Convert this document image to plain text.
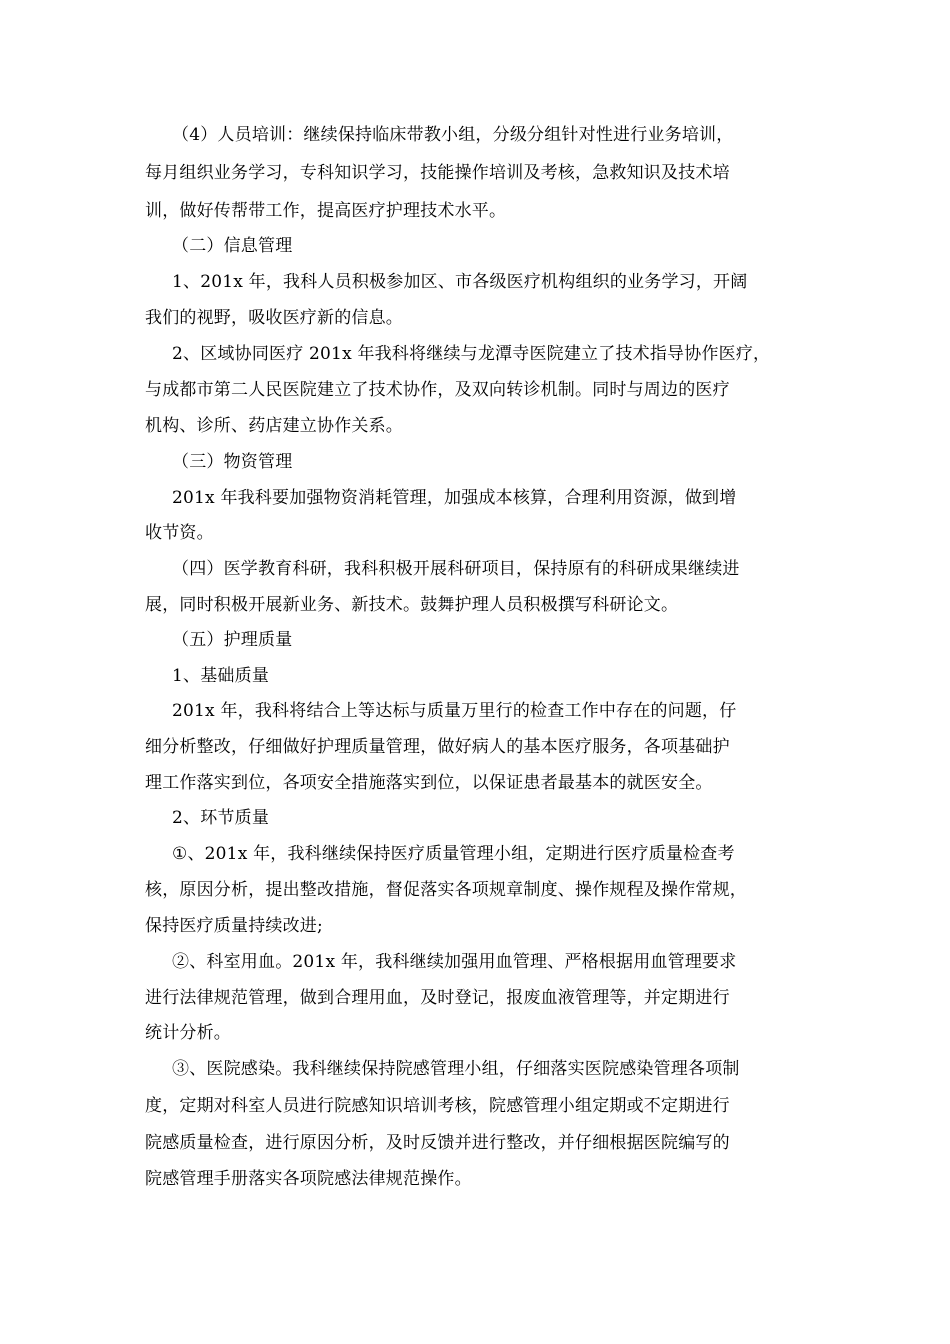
（4）人员培训：继续保持临床带教小组，分级分组针对性进行业务培训，
每月组织业务学习，专科知识学习，技能操作培训及考核，急救知识及技术培
训，做好传帮带工作，提高医疗护理技术水平。
（二）信息管理
1、201x 年，我科人员积极参加区、市各级医疗机构组织的业务学习，开阔
我们的视野，吸收医疗新的信息。
2、区域协同医疗 201x 年我科将继续与龙潭寺医院建立了技术指导协作医疗，
与成都市第二人民医院建立了技术协作，及双向转诊机制。同时与周边的医疗
机构、诊所、药店建立协作关系。
（三）物资管理
201x 年我科要加强物资消耗管理，加强成本核算，合理利用资源，做到增
收节资。
（四）医学教育科研，我科积极开展科研项目，保持原有的科研成果继续进
展，同时积极开展新业务、新技术。鼓舞护理人员积极撰写科研论文。
（五）护理质量
1、基础质量
201x 年，我科将结合上等达标与质量万里行的检查工作中存在的问题，仔
细分析整改，仔细做好护理质量管理，做好病人的基本医疗服务，各项基础护
理工作落实到位，各项安全措施落实到位，以保证患者最基本的就医安全。
2、环节质量
①、201x 年，我科继续保持医疗质量管理小组，定期进行医疗质量检查考
核，原因分析，提出整改措施，督促落实各项规章制度、操作规程及操作常规，
保持医疗质量持续改进;
②、科室用血。201x 年，我科继续加强用血管理、严格根据用血管理要求
进行法律规范管理，做到合理用血，及时登记，报废血液管理等，并定期进行
统计分析。
③、医院感染。我科继续保持院感管理小组，仔细落实医院感染管理各项制
度，定期对科室人员进行院感知识培训考核，院感管理小组定期或不定期进行
院感质量检查，进行原因分析，及时反馈并进行整改，并仔细根据医院编写的
院感管理手册落实各项院感法律规范操作。
